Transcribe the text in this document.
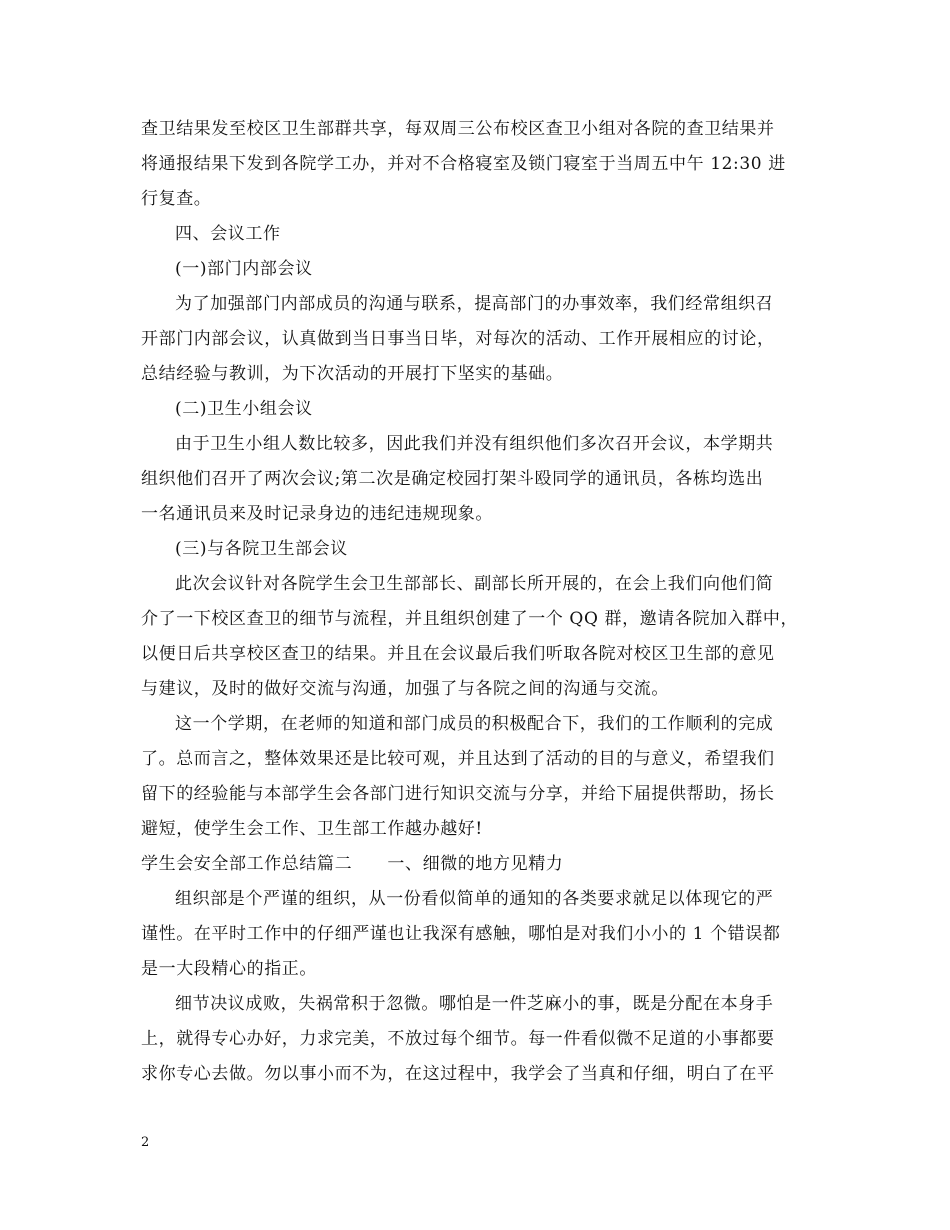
查卫结果发至校区卫生部群共享，每双周三公布校区查卫小组对各院的查卫结果并
将通报结果下发到各院学工办，并对不合格寝室及锁门寝室于当周五中午 12:30 进
行复查。
四、会议工作
(一)部门内部会议
为了加强部门内部成员的沟通与联系，提高部门的办事效率，我们经常组织召
开部门内部会议，认真做到当日事当日毕，对每次的活动、工作开展相应的讨论，
总结经验与教训，为下次活动的开展打下坚实的基础。
(二)卫生小组会议
由于卫生小组人数比较多，因此我们并没有组织他们多次召开会议，本学期共
组织他们召开了两次会议;第二次是确定校园打架斗殴同学的通讯员，各栋均选出
一名通讯员来及时记录身边的违纪违规现象。
(三)与各院卫生部会议
此次会议针对各院学生会卫生部部长、副部长所开展的，在会上我们向他们简
介了一下校区查卫的细节与流程，并且组织创建了一个 QQ 群，邀请各院加入群中，
以便日后共享校区查卫的结果。并且在会议最后我们听取各院对校区卫生部的意见
与建议，及时的做好交流与沟通，加强了与各院之间的沟通与交流。
这一个学期，在老师的知道和部门成员的积极配合下，我们的工作顺利的完成
了。总而言之，整体效果还是比较可观，并且达到了活动的目的与意义，希望我们
留下的经验能与本部学生会各部门进行知识交流与分享，并给下届提供帮助，扬长
避短，使学生会工作、卫生部工作越办越好!
学生会安全部工作总结篇二　　一、细微的地方见精力
组织部是个严谨的组织，从一份看似简单的通知的各类要求就足以体现它的严
谨性。在平时工作中的仔细严谨也让我深有感触，哪怕是对我们小小的 1 个错误都
是一大段精心的指正。
细节决议成败，失祸常积于忽微。哪怕是一件芝麻小的事，既是分配在本身手
上，就得专心办好，力求完美，不放过每个细节。每一件看似微不足道的小事都要
求你专心去做。勿以事小而不为，在这过程中，我学会了当真和仔细，明白了在平
2
